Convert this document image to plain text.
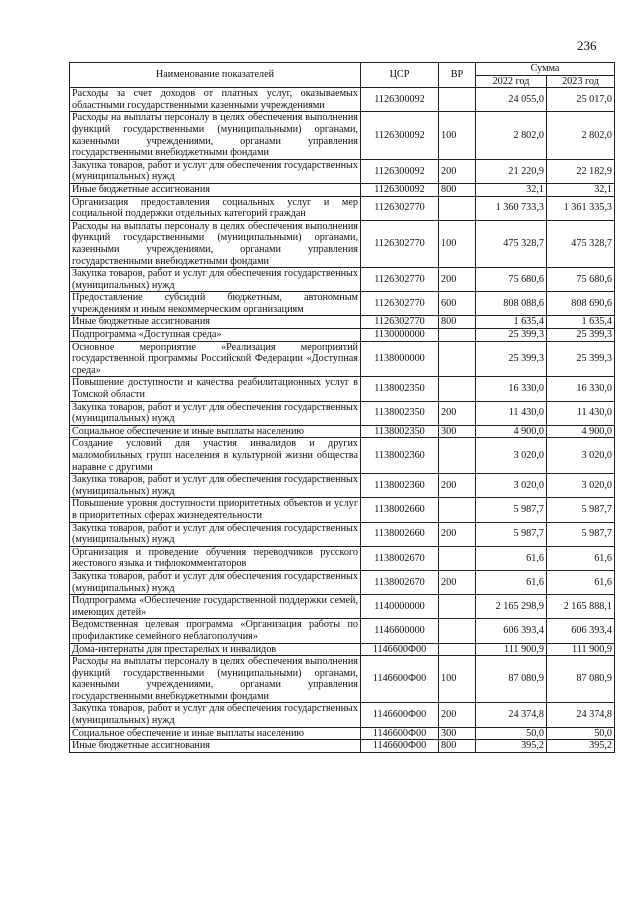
236
Наименование показателей	ЦСР	ВР	Сумма	
			2022 год	2023 год
Расходы за счет доходов от платных услуг, оказываемых областными государственными казенными учреждениями	1126300092		24 055,0	25 017,0
Расходы на выплаты персоналу в целях обеспечения выполнения функций государственными (муниципальными) органами, казенными учреждениями, органами управления государственными внебюджетными фондами	1126300092	100	2 802,0	2 802,0
Закупка товаров, работ и услуг для обеспечения государственных (муниципальных) нужд	1126300092	200	21 220,9	22 182,9
Иные бюджетные ассигнования	1126300092	800	32,1	32,1
Организация предоставления социальных услуг и мер социальной поддержки отдельных категорий граждан	1126302770		1 360 733,3	1 361 335,3
Расходы на выплаты персоналу в целях обеспечения выполнения функций государственными (муниципальными) органами, казенными учреждениями, органами управления государственными внебюджетными фондами	1126302770	100	475 328,7	475 328,7
Закупка товаров, работ и услуг для обеспечения государственных (муниципальных) нужд	1126302770	200	75 680,6	75 680,6
Предоставление субсидий бюджетным, автономным учреждениям и иным некоммерческим организациям	1126302770	600	808 088,6	808 690,6
Иные бюджетные ассигнования	1126302770	800	1 635,4	1 635,4
Подпрограмма «Доступная среда»	1130000000		25 399,3	25 399,3
Основное мероприятие «Реализация мероприятий государственной программы Российской Федерации «Доступная среда»	1138000000		25 399,3	25 399,3
Повышение доступности и качества реабилитационных услуг в Томской области	1138002350		16 330,0	16 330,0
Закупка товаров, работ и услуг для обеспечения государственных (муниципальных) нужд	1138002350	200	11 430,0	11 430,0
Социальное обеспечение и иные выплаты населению	1138002350	300	4 900,0	4 900,0
Создание условий для участия инвалидов и других маломобильных групп населения в культурной жизни общества наравне с другими	1138002360		3 020,0	3 020,0
Закупка товаров, работ и услуг для обеспечения государственных (муниципальных) нужд	1138002360	200	3 020,0	3 020,0
Повышение уровня доступности приоритетных объектов и услуг в приоритетных сферах жизнедеятельности	1138002660		5 987,7	5 987,7
Закупка товаров, работ и услуг для обеспечения государственных (муниципальных) нужд	1138002660	200	5 987,7	5 987,7
Организация и проведение обучения переводчиков русского жестового языка и тифлокомментаторов	1138002670		61,6	61,6
Закупка товаров, работ и услуг для обеспечения государственных (муниципальных) нужд	1138002670	200	61,6	61,6
Подпрограмма «Обеспечение государственной поддержки семей, имеющих детей»	1140000000		2 165 298,9	2 165 888,1
Ведомственная целевая программа «Организация работы по профилактике семейного неблагополучия»	1146600000		606 393,4	606 393,4
Дома-интернаты для престарелых и инвалидов	1146600Ф00		111 900,9	111 900,9
Расходы на выплаты персоналу в целях обеспечения выполнения функций государственными (муниципальными) органами, казенными учреждениями, органами управления государственными внебюджетными фондами	1146600Ф00	100	87 080,9	87 080,9
Закупка товаров, работ и услуг для обеспечения государственных (муниципальных) нужд	1146600Ф00	200	24 374,8	24 374,8
Социальное обеспечение и иные выплаты населению	1146600Ф00	300	50,0	50,0
Иные бюджетные ассигнования	1146600Ф00	800	395,2	395,2
